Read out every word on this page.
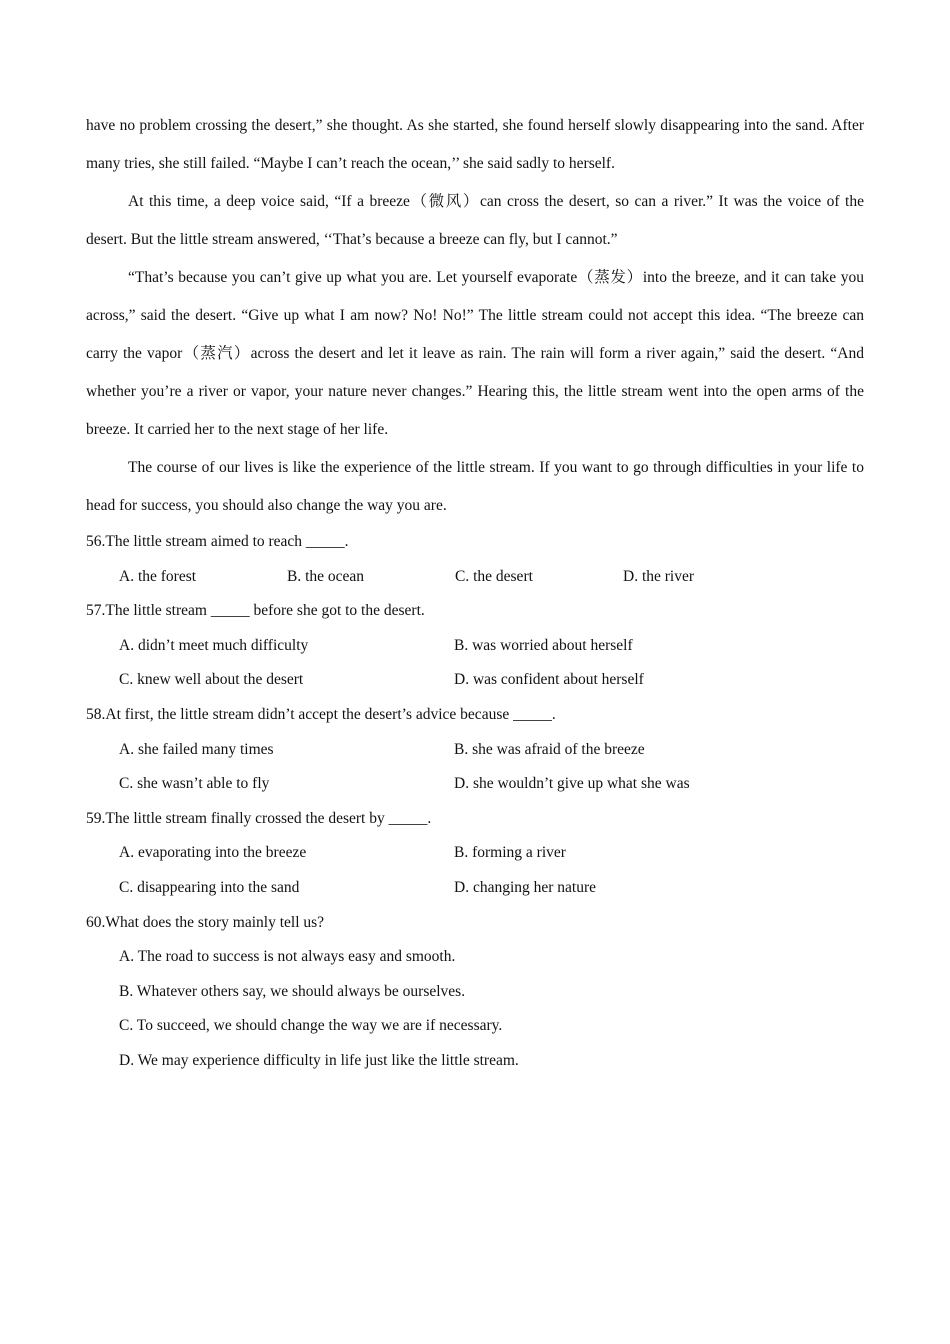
have no problem crossing the desert,” she thought. As she started, she found herself slowly disappearing into the sand. After many tries, she still failed. “Maybe I can’t reach the ocean,’’ she said sadly to herself.

At this time, a deep voice said, “If a breeze（微风）can cross the desert, so can a river.” It was the voice of the desert. But the little stream answered, ‘‘That’s because a breeze can fly, but I cannot.”

“That’s because you can’t give up what you are. Let yourself evaporate（蒸发）into the breeze, and it can take you across,” said the desert. “Give up what I am now? No! No!” The little stream could not accept this idea. “The breeze can carry the vapor（蒸汽）across the desert and let it leave as rain. The rain will form a river again,” said the desert. “And whether you’re a river or vapor, your nature never changes.” Hearing this, the little stream went into the open arms of the breeze. It carried her to the next stage of her life.

The course of our lives is like the experience of the little stream. If you want to go through difficulties in your life to head for success, you should also change the way you are.

56.The little stream aimed to reach _____.

A. the forest	B. the ocean	C. the desert	D. the river

57.The little stream _____ before she got to the desert.

A. didn’t meet much difficulty	B. was worried about herself
C. knew well about the desert	D. was confident about herself

58.At first, the little stream didn’t accept the desert’s advice because _____.

A. she failed many times	B. she was afraid of the breeze
C. she wasn’t able to fly	D. she wouldn’t give up what she was

59.The little stream finally crossed the desert by _____.

A. evaporating into the breeze	B. forming a river
C. disappearing into the sand	D. changing her nature

60.What does the story mainly tell us?

A. The road to success is not always easy and smooth.
B. Whatever others say, we should always be ourselves.
C. To succeed, we should change the way we are if necessary.
D. We may experience difficulty in life just like the little stream.
